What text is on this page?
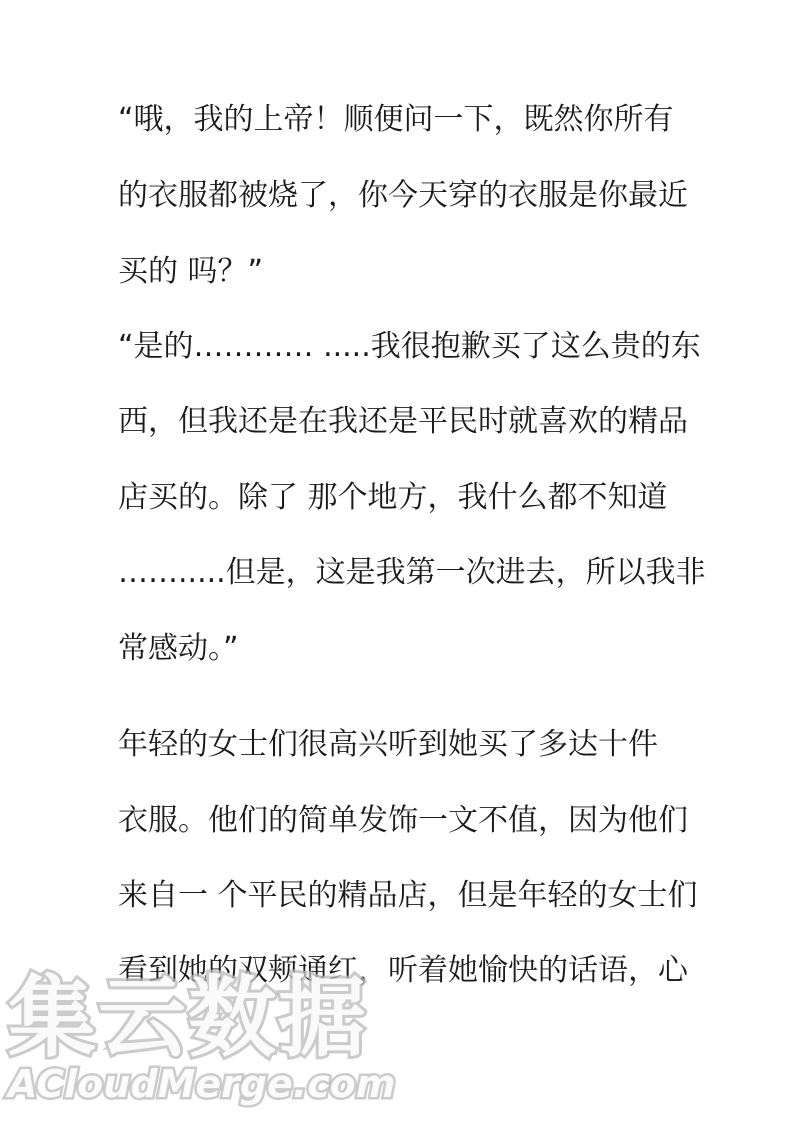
“哦，我的上帝！顺便问一下，既然你所有
的衣服都被烧了，你今天穿的衣服是你最近
买的 吗？”
“是的………… .....我很抱歉买了这么贵的东
西，但我还是在我还是平民时就喜欢的精品
店买的。除了 那个地方，我什么都不知道
…….....但是，这是我第一次进去，所以我非
常感动。”
年轻的女士们很高兴听到她买了多达十件
衣服。他们的简单发饰一文不值，因为他们
来自一 个平民的精品店，但是年轻的女士们
看到她的双颊通红，听着她愉快的话语，心
集云数据
ACloudMerge.com
